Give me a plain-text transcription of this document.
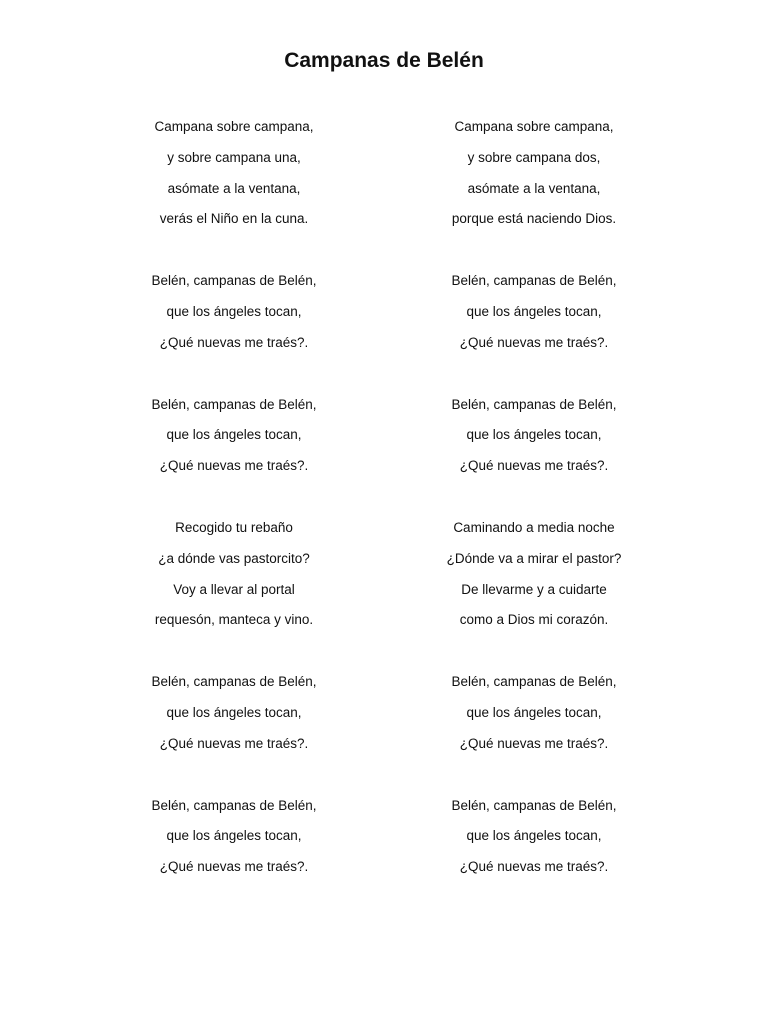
Campanas de Belén
Campana sobre campana,
y sobre campana una,
asómate a la ventana,
verás el Niño en la cuna.
Belén, campanas de Belén,
que los ángeles tocan,
¿Qué nuevas me traés?.
Belén, campanas de Belén,
que los ángeles tocan,
¿Qué nuevas me traés?.
Recogido tu rebaño
¿a dónde vas pastorcito?
Voy a llevar al portal
requesón, manteca y vino.
Belén, campanas de Belén,
que los ángeles tocan,
¿Qué nuevas me traés?.
Belén, campanas de Belén,
que los ángeles tocan,
¿Qué nuevas me traés?.
Campana sobre campana,
y sobre campana dos,
asómate a la ventana,
porque está naciendo Dios.
Belén, campanas de Belén,
que los ángeles tocan,
¿Qué nuevas me traés?.
Belén, campanas de Belén,
que los ángeles tocan,
¿Qué nuevas me traés?.
Caminando a media noche
¿Dónde va a mirar el pastor?
De llevarme y a cuidarte
como a Dios mi corazón.
Belén, campanas de Belén,
que los ángeles tocan,
¿Qué nuevas me traés?.
Belén, campanas de Belén,
que los ángeles tocan,
¿Qué nuevas me traés?.
